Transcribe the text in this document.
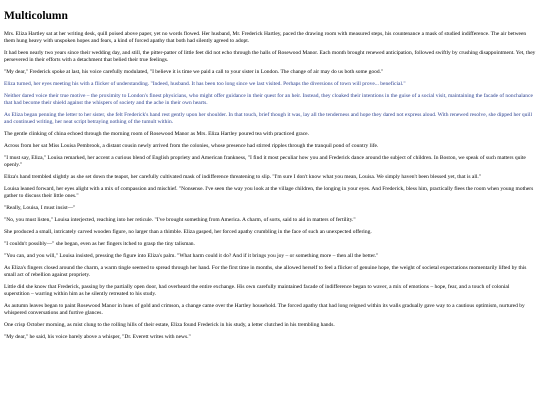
Multicolumn

Mrs. Eliza Hartley sat at her writing desk, quill poised above paper, yet no words flowed. Her husband, Mr. Frederick Hartley, paced the drawing room with measured steps, his countenance a mask of studied indifference. The air between them hung heavy with unspoken hopes and fears, a kind of forced apathy that both had silently agreed to adopt.

It had been nearly two years since their wedding day, and still, the pitter-patter of little feet did not echo through the halls of Rosewood Manor. Each month brought renewed anticipation, followed swiftly by crushing disappointment. Yet, they persevered in their efforts with a detachment that belied their true feelings.

"My dear," Frederick spoke at last, his voice carefully modulated, "I believe it is time we paid a call to your sister in London. The change of air may do us both some good."

Eliza turned, her eyes meeting his with a flicker of understanding. "Indeed, husband. It has been too long since we last visited. Perhaps the diversions of town will prove... beneficial."

Neither dared voice their true motive – the proximity to London's finest physicians, who might offer guidance in their quest for an heir. Instead, they cloaked their intentions in the guise of a social visit, maintaining the facade of nonchalance that had become their shield against the whispers of society and the ache in their own hearts.

As Eliza began penning the letter to her sister, she felt Frederick's hand rest gently upon her shoulder. In that touch, brief though it was, lay all the tenderness and hope they dared not express aloud. With renewed resolve, she dipped her quill and continued writing, her neat script betraying nothing of the tumult within.

The gentle clinking of china echoed through the morning room of Rosewood Manor as Mrs. Eliza Hartley poured tea with practiced grace.

Across from her sat Miss Louisa Pembrook, a distant cousin newly arrived from the colonies, whose presence had stirred ripples through the tranquil pond of country life.

"I must say, Eliza," Louisa remarked, her accent a curious blend of English propriety and American frankness, "I find it most peculiar how you and Frederick dance around the subject of children. In Boston, we speak of such matters quite openly."

Eliza's hand trembled slightly as she set down the teapot, her carefully cultivated mask of indifference threatening to slip. "I'm sure I don't know what you mean, Louisa. We simply haven't been blessed yet, that is all."

Louisa leaned forward, her eyes alight with a mix of compassion and mischief. "Nonsense. I've seen the way you look at the village children, the longing in your eyes. And Frederick, bless him, practically flees the room when young mothers gather to discuss their little ones."

"Really, Louisa, I must insist—"

"No, you must listen," Louisa interjected, reaching into her reticule. "I've brought something from America. A charm, of sorts, said to aid in matters of fertility."

She produced a small, intricately carved wooden figure, no larger than a thimble. Eliza gasped, her forced apathy crumbling in the face of such an unexpected offering.

"I couldn't possibly—" she began, even as her fingers itched to grasp the tiny talisman.

"You can, and you will," Louisa insisted, pressing the figure into Eliza's palm. "What harm could it do? And if it brings you joy – or something more – then all the better."

As Eliza's fingers closed around the charm, a warm tingle seemed to spread through her hand. For the first time in months, she allowed herself to feel a flicker of genuine hope, the weight of societal expectations momentarily lifted by this small act of rebellion against propriety.

Little did she know that Frederick, passing by the partially open door, had overheard the entire exchange. His own carefully maintained facade of indifference began to waver, a mix of emotions – hope, fear, and a touch of colonial superstition – warring within him as he silently retreated to his study.

As autumn leaves began to paint Rosewood Manor in hues of gold and crimson, a change came over the Hartley household. The forced apathy that had long reigned within its walls gradually gave way to a cautious optimism, nurtured by whispered conversations and furtive glances.

One crisp October morning, as mist clung to the rolling hills of their estate, Eliza found Frederick in his study, a letter clutched in his trembling hands.

"My dear," he said, his voice barely above a whisper, "Dr. Everett writes with news."
